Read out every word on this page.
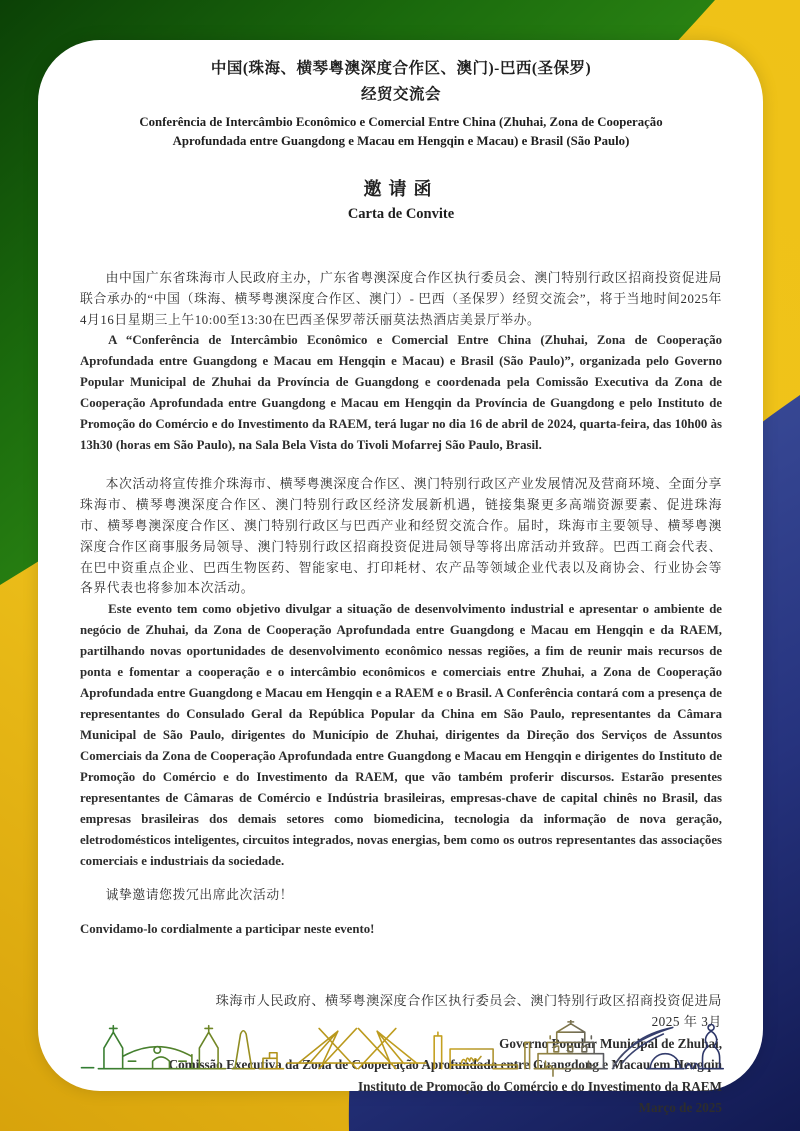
中国(珠海、横琴粤澳深度合作区、澳门)-巴西(圣保罗)
经贸交流会
Conferência de Intercâmbio Econômico e Comercial Entre China (Zhuhai, Zona de Cooperação
Aprofundada entre Guangdong e Macau em Hengqin e Macau) e Brasil (São Paulo)
邀请函
Carta de Convite

由中国广东省珠海市人民政府主办，广东省粤澳深度合作区执行委员会、澳门特别行政区招商投资促进局联合承办的“中国（珠海、横琴粤澳深度合作区、澳门）- 巴西（圣保罗）经贸交流会”，将于当地时间2025年4月16日星期三上午10:00至13:30在巴西圣保罗蒂沃丽莫法热酒店美景厅举办。

A “Conferência de Intercâmbio Econômico e Comercial Entre China (Zhuhai, Zona de Cooperação Aprofundada entre Guangdong e Macau em Hengqin e Macau) e Brasil (São Paulo)”, organizada pelo Governo Popular Municipal de Zhuhai da Província de Guangdong e coordenada pela Comissão Executiva da Zona de Cooperação Aprofundada entre Guangdong e Macau em Hengqin da Província de Guangdong e pelo Instituto de Promoção do Comércio e do Investimento da RAEM, terá lugar no dia 16 de abril de 2024, quarta-feira, das 10h00 às 13h30 (horas em São Paulo), na Sala Bela Vista do Tivoli Mofarrej São Paulo, Brasil.

本次活动将宣传推介珠海市、横琴粤澳深度合作区、澳门特别行政区产业发展情况及营商环境、全面分享珠海市、横琴粤澳深度合作区、澳门特别行政区经济发展新机遇，链接集聚更多高端资源要素、促进珠海市、横琴粤澳深度合作区、澳门特别行政区与巴西产业和经贸交流合作。届时，珠海市主要领导、横琴粤澳深度合作区商事服务局领导、澳门特别行政区招商投资促进局领导等将出席活动并致辞。巴西工商会代表、在巴中资重点企业、巴西生物医药、智能家电、打印耗材、农产品等领域企业代表以及商协会、行业协会等各界代表也将参加本次活动。

Este evento tem como objetivo divulgar a situação de desenvolvimento industrial e apresentar o ambiente de negócio de Zhuhai, da Zona de Cooperação Aprofundada entre Guangdong e Macau em Hengqin e da RAEM, partilhando novas oportunidades de desenvolvimento econômico nessas regiões, a fim de reunir mais recursos de ponta e fomentar a cooperação e o intercâmbio econômicos e comerciais entre Zhuhai, a Zona de Cooperação Aprofundada entre Guangdong e Macau em Hengqin e a RAEM e o Brasil. A Conferência contará com a presença de representantes do Consulado Geral da República Popular da China em São Paulo, representantes da Câmara Municipal de São Paulo, dirigentes do Município de Zhuhai, dirigentes da Direção dos Serviços de Assuntos Comerciais da Zona de Cooperação Aprofundada entre Guangdong e Macau em Hengqin e dirigentes do Instituto de Promoção do Comércio e do Investimento da RAEM, que vão também proferir discursos. Estarão presentes representantes de Câmaras de Comércio e Indústria brasileiras, empresas-chave de capital chinês no Brasil, das empresas brasileiras dos demais setores como biomedicina, tecnologia da informação de nova geração, eletrodomésticos inteligentes, circuitos integrados, novas energias, bem como os outros representantes das associações comerciais e industriais da sociedade.

诚挚邀请您拨冗出席此次活动！

Convidamo-lo cordialmente a participar neste evento!

珠海市人民政府、横琴粤澳深度合作区执行委员会、澳门特别行政区招商投资促进局
2025 年 3月
Governo Popular Municipal de Zhuhai,
Comissão Executiva da Zona de Cooperação Aprofundada entre Guangdong e Macau em Hengqin
Instituto de Promoção do Comércio e do Investimento da RAEM
Março de 2025
